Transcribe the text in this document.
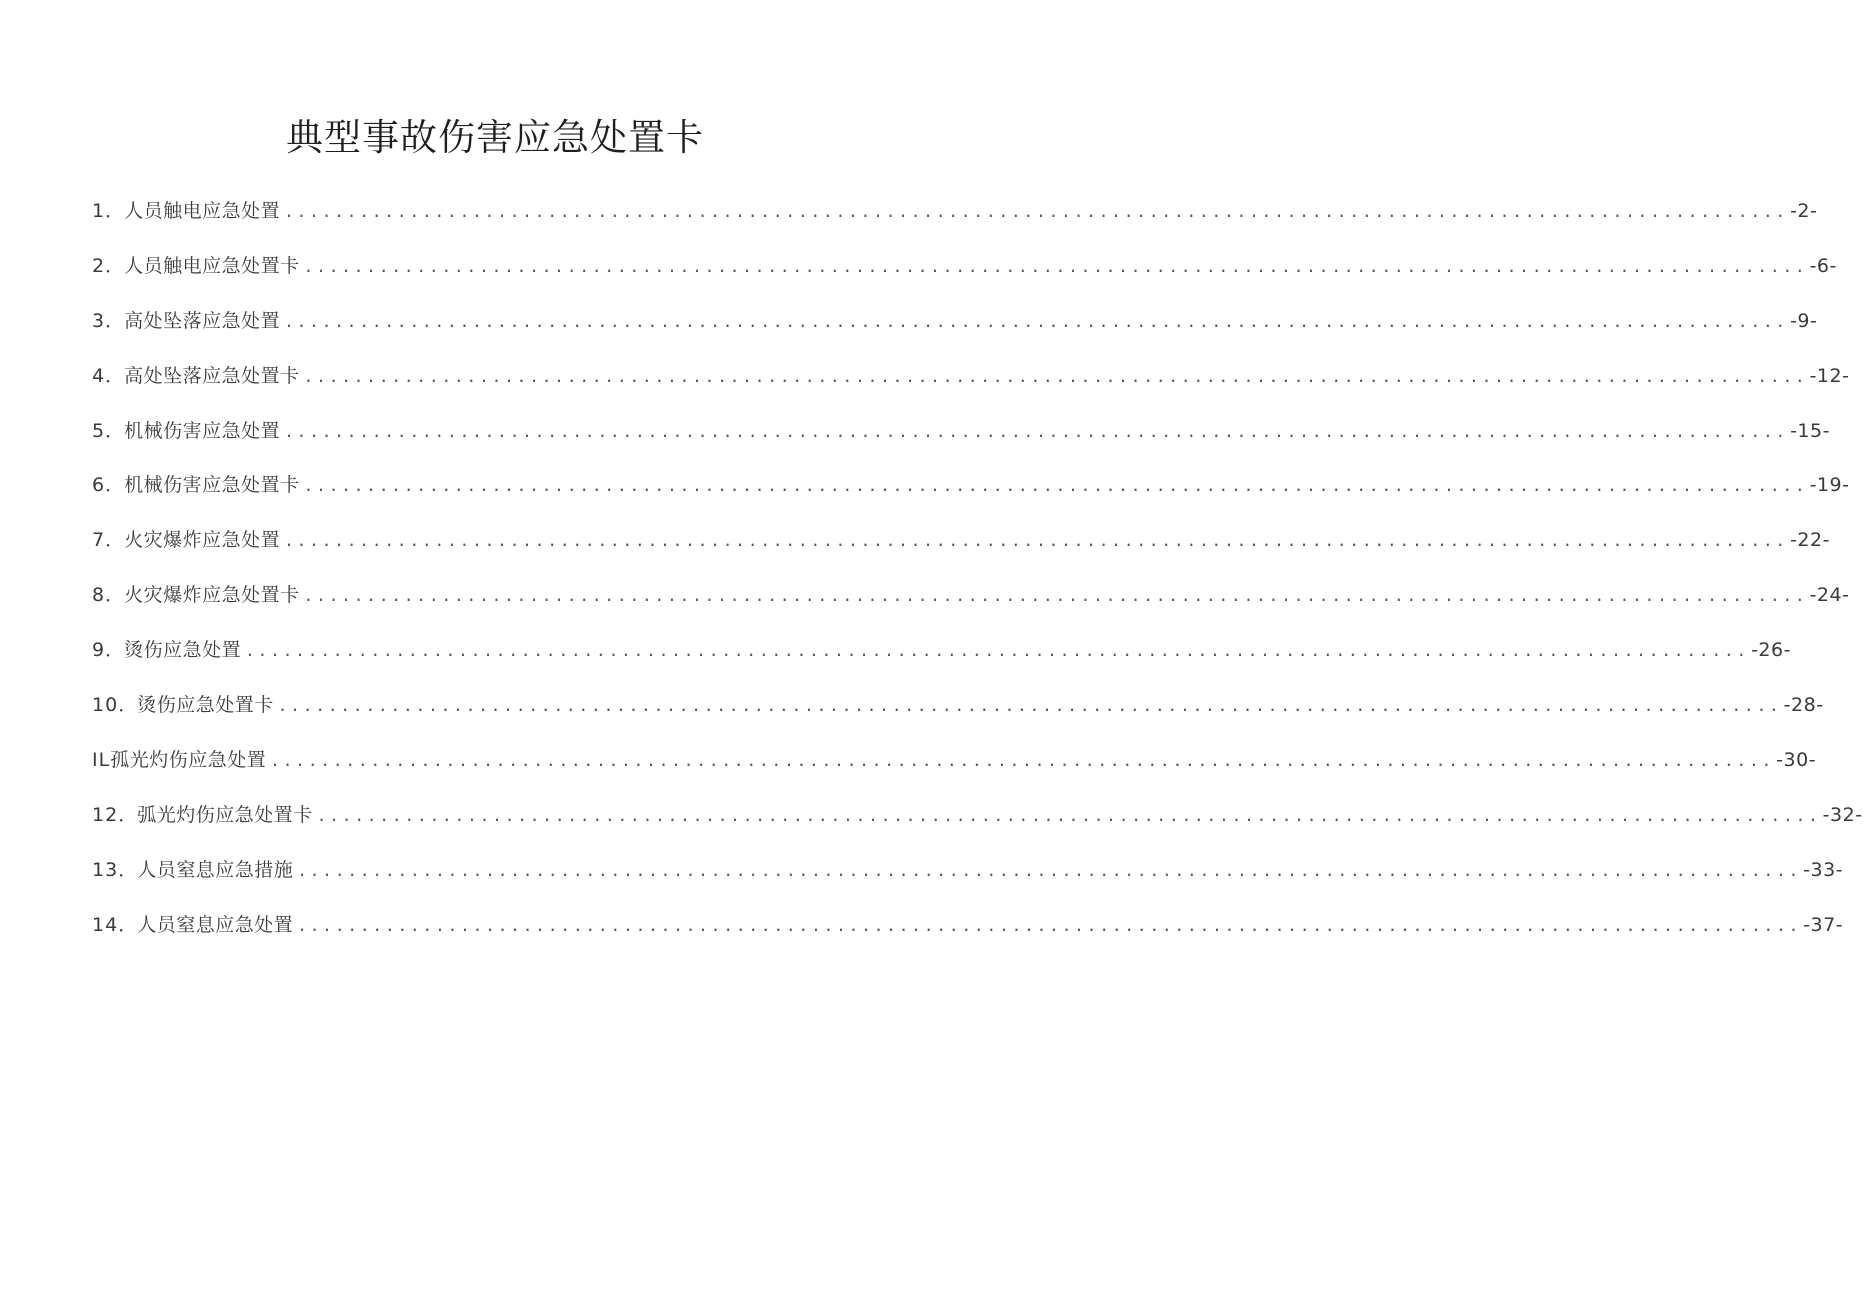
典型事故伤害应急处置卡
1 ． 人员触电应急处置 ........................................................................................................................ -2-
2 ． 人员触电应急处置卡 ........................................................................................................................ -6-
3 ． 高处坠落应急处置 ........................................................................................................................ -9-
4 ． 高处坠落应急处置卡 ........................................................................................................................ -12-
5 ． 机械伤害应急处置 ........................................................................................................................ -15-
6 ． 机械伤害应急处置卡 ........................................................................................................................ -19-
7 ． 火灾爆炸应急处置 ........................................................................................................................ -22-
8 ． 火灾爆炸应急处置卡 ........................................................................................................................ -24-
9 ． 烫伤应急处置 ........................................................................................................................ -26-
10 ． 烫伤应急处置卡 ........................................................................................................................ -28-
IL 孤光灼伤应急处置 ........................................................................................................................ -30-
12 ． 弧光灼伤应急处置卡 ........................................................................................................................ -32-
13 ． 人员窒息应急措施 ........................................................................................................................ -33-
14 ． 人员窒息应急处置 ........................................................................................................................ -37-
